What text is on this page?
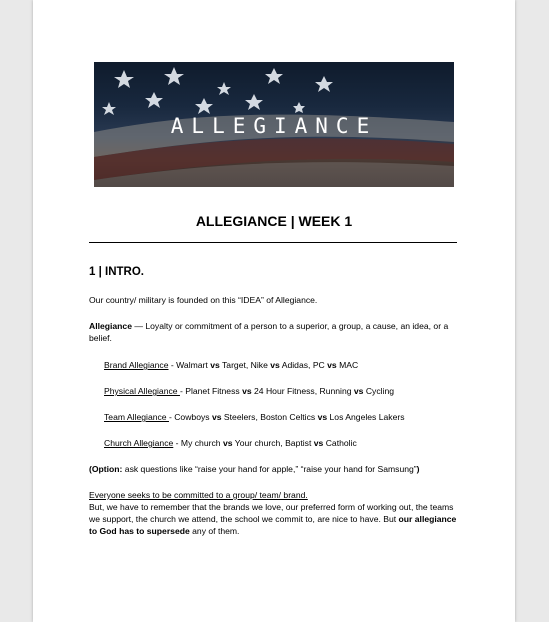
ALLEGIANCE
ALLEGIANCE | WEEK 1
1 | INTRO.
Our country/ military is founded on this “IDEA” of Allegiance.
Allegiance — Loyalty or commitment of a person to a superior, a group, a cause, an idea, or a belief.
Brand Allegiance - Walmart vs Target, Nike vs Adidas, PC vs MAC
Physical Allegiance - Planet Fitness vs 24 Hour Fitness, Running vs Cycling
Team Allegiance - Cowboys vs Steelers, Boston Celtics vs Los Angeles Lakers
Church Allegiance - My church vs Your church, Baptist vs Catholic
(Option: ask questions like “raise your hand for apple,” “raise your hand for Samsung”)
Everyone seeks to be committed to a group/ team/ brand.
But, we have to remember that the brands we love, our preferred form of working out, the teams we support, the church we attend, the school we commit to, are nice to have. But our allegiance to God has to supersede any of them.
